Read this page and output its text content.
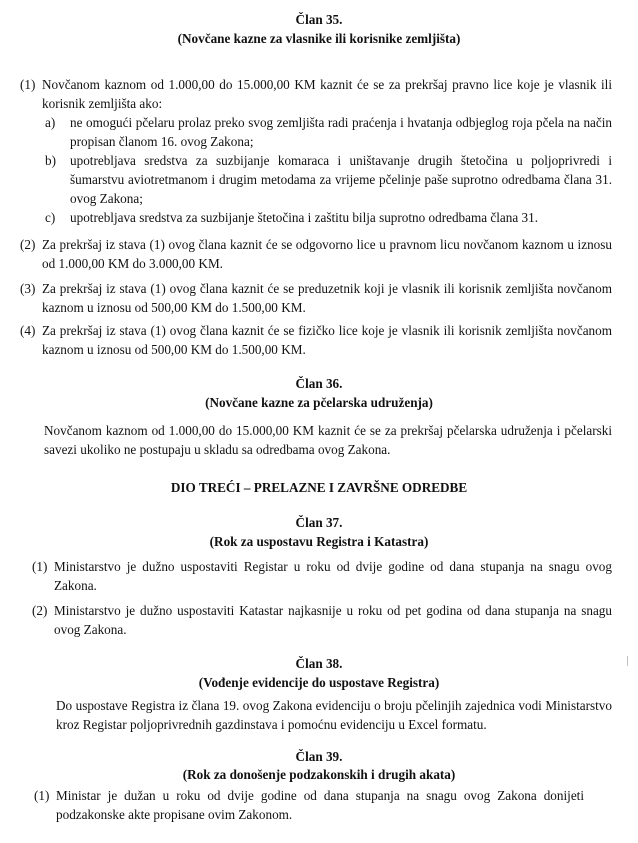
Član 35.
(Novčane kazne za vlasnike ili korisnike zemljišta)
(1) Novčanom kaznom od 1.000,00 do 15.000,00 KM kaznit će se za prekršaj pravno lice koje je vlasnik ili korisnik zemljišta ako:
a) ne omogući pčelaru prolaz preko svog zemljišta radi praćenja i hvatanja odbjeglog roja pčela na način propisan članom 16. ovog Zakona;
b) upotrebljava sredstva za suzbijanje komaraca i uništavanje drugih štetočina u poljoprivredi i šumarstvu aviotretmanom i drugim metodama za vrijeme pčelinje paše suprotno odredbama člana 31. ovog Zakona;
c) upotrebljava sredstva za suzbijanje štetočina i zaštitu bilja suprotno odredbama člana 31.
(2) Za prekršaj iz stava (1) ovog člana kaznit će se odgovorno lice u pravnom licu novčanom kaznom u iznosu od 1.000,00 KM do 3.000,00 KM.
(3) Za prekršaj iz stava (1) ovog člana kaznit će se preduzetnik koji je vlasnik ili korisnik zemljišta novčanom kaznom u iznosu od 500,00 KM do 1.500,00 KM.
(4) Za prekršaj iz stava (1) ovog člana kaznit će se fizičko lice koje je vlasnik ili korisnik zemljišta novčanom kaznom u iznosu od 500,00 KM do 1.500,00 KM.
Član 36.
(Novčane kazne za pčelarska udruženja)

Novčanom kaznom od 1.000,00 do 15.000,00 KM kaznit će se za prekršaj pčelarska udruženja i pčelarski savezi ukoliko ne postupaju u skladu sa odredbama ovog Zakona.

DIO TREĆI – PRELAZNE I ZAVRŠNE ODREDBE
Član 37.
(Rok za uspostavu Registra i Katastra)
(1) Ministarstvo je dužno uspostaviti Registar u roku od dvije godine od dana stupanja na snagu ovog Zakona.
(2) Ministarstvo je dužno uspostaviti Katastar najkasnije u roku od pet godina od dana stupanja na snagu ovog Zakona.
Član 38.
(Vođenje evidencije do uspostave Registra)

Do uspostave Registra iz člana 19. ovog Zakona evidenciju o broju pčelinjih zajednica vodi Ministarstvo kroz Registar poljoprivrednih gazdinstava i pomoćnu evidenciju u Excel formatu.

Član 39.
(Rok za donošenje podzakonskih i drugih akata)
(1) Ministar je dužan u roku od dvije godine od dana stupanja na snagu ovog Zakona donijeti podzakonske akte propisane ovim Zakonom.
